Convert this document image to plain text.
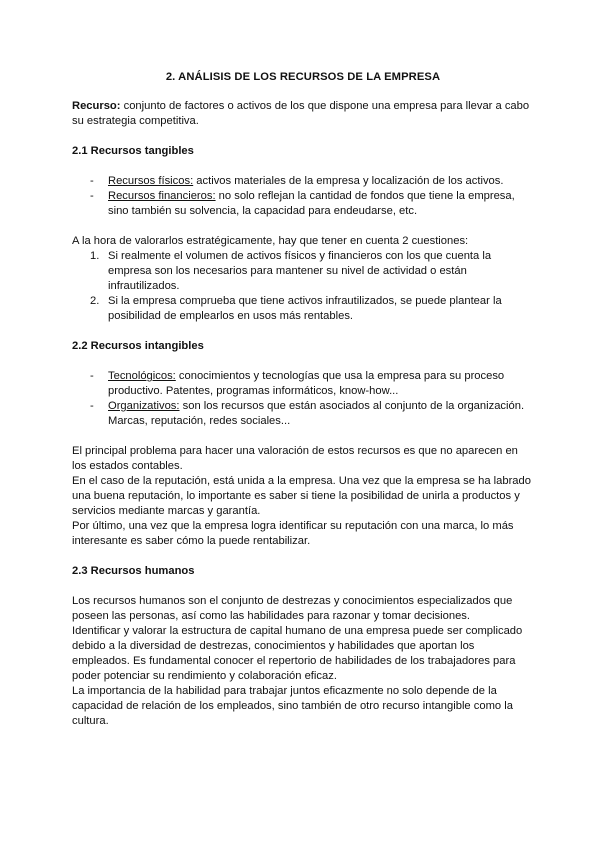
2. ANÁLISIS DE LOS RECURSOS DE LA EMPRESA

Recurso: conjunto de factores o activos de los que dispone una empresa para llevar a cabo su estrategia competitiva.

2.1 Recursos tangibles

- Recursos físicos: activos materiales de la empresa y localización de los activos.
- Recursos financieros: no solo reflejan la cantidad de fondos que tiene la empresa, sino también su solvencia, la capacidad para endeudarse, etc.

A la hora de valorarlos estratégicamente, hay que tener en cuenta 2 cuestiones:

1. Si realmente el volumen de activos físicos y financieros con los que cuenta la empresa son los necesarios para mantener su nivel de actividad o están infrautilizados.
2. Si la empresa comprueba que tiene activos infrautilizados, se puede plantear la posibilidad de emplearlos en usos más rentables.

2.2 Recursos intangibles

- Tecnológicos: conocimientos y tecnologías que usa la empresa para su proceso productivo. Patentes, programas informáticos, know-how...
- Organizativos: son los recursos que están asociados al conjunto de la organización. Marcas, reputación, redes sociales...

El principal problema para hacer una valoración de estos recursos es que no aparecen en los estados contables.

En el caso de la reputación, está unida a la empresa. Una vez que la empresa se ha labrado una buena reputación, lo importante es saber si tiene la posibilidad de unirla a productos y servicios mediante marcas y garantía.

Por último, una vez que la empresa logra identificar su reputación con una marca, lo más interesante es saber cómo la puede rentabilizar.

2.3 Recursos humanos

Los recursos humanos son el conjunto de destrezas y conocimientos especializados que poseen las personas, así como las habilidades para razonar y tomar decisiones.

Identificar y valorar la estructura de capital humano de una empresa puede ser complicado debido a la diversidad de destrezas, conocimientos y habilidades que aportan los empleados. Es fundamental conocer el repertorio de habilidades de los trabajadores para poder potenciar su rendimiento y colaboración eficaz.

La importancia de la habilidad para trabajar juntos eficazmente no solo depende de la capacidad de relación de los empleados, sino también de otro recurso intangible como la cultura.
